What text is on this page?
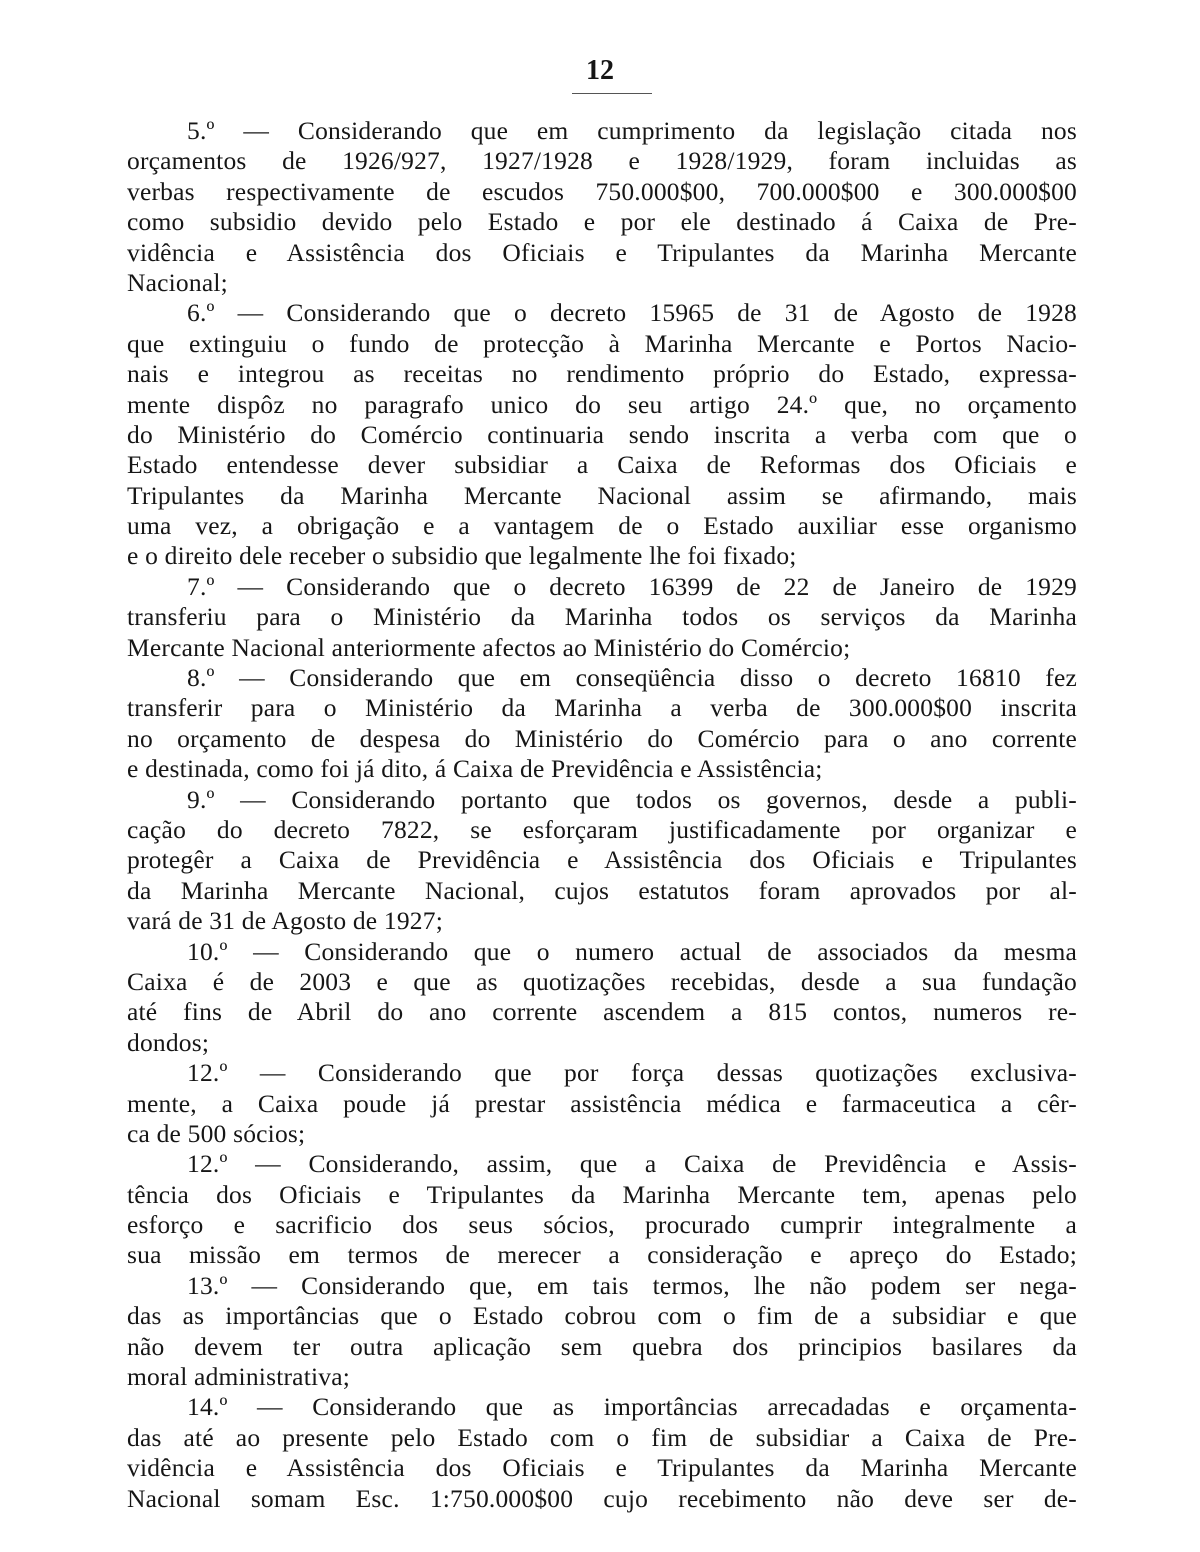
12
5.º — Considerando que em cumprimento da legislação citada nos
orçamentos de 1926/927, 1927/1928 e 1928/1929, foram incluidas as
verbas respectivamente de escudos 750.000$00, 700.000$00 e 300.000$00
como subsidio devido pelo Estado e por ele destinado á Caixa de Pre-
vidência e Assistência dos Oficiais e Tripulantes da Marinha Mercante
Nacional;
6.º — Considerando que o decreto 15965 de 31 de Agosto de 1928
que extinguiu o fundo de protecção à Marinha Mercante e Portos Nacio-
nais e integrou as receitas no rendimento próprio do Estado, expressa-
mente dispôz no paragrafo unico do seu artigo 24.º que, no orçamento
do Ministério do Comércio continuaria sendo inscrita a verba com que o
Estado entendesse dever subsidiar a Caixa de Reformas dos Oficiais e
Tripulantes da Marinha Mercante Nacional assim se afirmando, mais
uma vez, a obrigação e a vantagem de o Estado auxiliar esse organismo
e o direito dele receber o subsidio que legalmente lhe foi fixado;
7.º — Considerando que o decreto 16399 de 22 de Janeiro de 1929
transferiu para o Ministério da Marinha todos os serviços da Marinha
Mercante Nacional anteriormente afectos ao Ministério do Comércio;
8.º — Considerando que em conseqüência disso o decreto 16810 fez
transferir para o Ministério da Marinha a verba de 300.000$00 inscrita
no orçamento de despesa do Ministério do Comércio para o ano corrente
e destinada, como foi já dito, á Caixa de Previdência e Assistência;
9.º — Considerando portanto que todos os governos, desde a publi-
cação do decreto 7822, se esforçaram justificadamente por organizar e
protegêr a Caixa de Previdência e Assistência dos Oficiais e Tripulantes
da Marinha Mercante Nacional, cujos estatutos foram aprovados por al-
vará de 31 de Agosto de 1927;
10.º — Considerando que o numero actual de associados da mesma
Caixa é de 2003 e que as quotizações recebidas, desde a sua fundação
até fins de Abril do ano corrente ascendem a 815 contos, numeros re-
dondos;
12.º — Considerando que por força dessas quotizações exclusiva-
mente, a Caixa poude já prestar assistência médica e farmaceutica a cêr-
ca de 500 sócios;
12.º — Considerando, assim, que a Caixa de Previdência e Assis-
tência dos Oficiais e Tripulantes da Marinha Mercante tem, apenas pelo
esforço e sacrificio dos seus sócios, procurado cumprir integralmente a
sua missão em termos de merecer a consideração e apreço do Estado;
13.º — Considerando que, em tais termos, lhe não podem ser nega-
das as importâncias que o Estado cobrou com o fim de a subsidiar e que
não devem ter outra aplicação sem quebra dos principios basilares da
moral administrativa;
14.º — Considerando que as importâncias arrecadadas e orçamenta-
das até ao presente pelo Estado com o fim de subsidiar a Caixa de Pre-
vidência e Assistência dos Oficiais e Tripulantes da Marinha Mercante
Nacional somam Esc. 1:750.000$00 cujo recebimento não deve ser de-
